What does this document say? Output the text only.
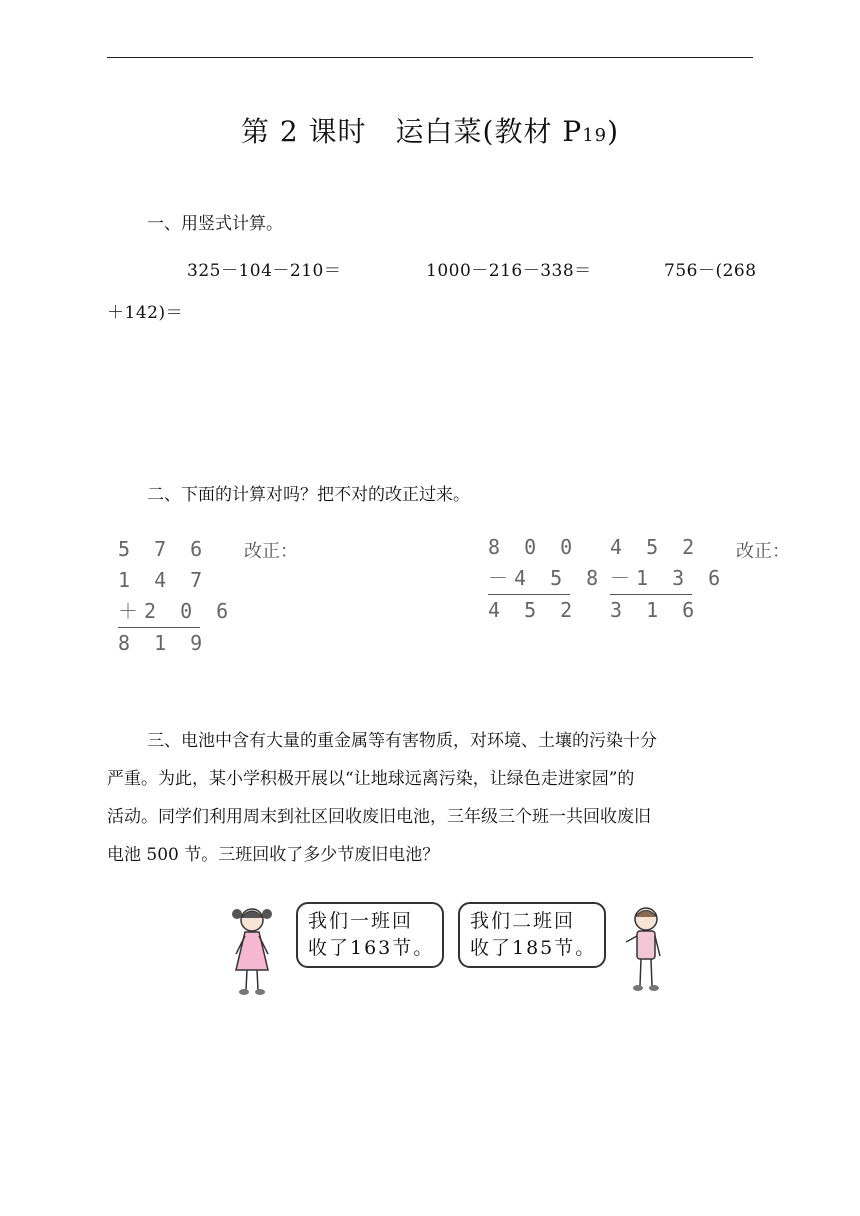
第 2 课时　运白菜(教材 P19)
一、用竖式计算。
325－104－210＝	1000－216－338＝	756－(268
＋142)＝
二、下面的计算对吗？把不对的改正过来。
5 7 6
1 4 7
＋2 0 6
8 1 9
改正：	8 0 0
－4 5 8
4 5 2
4 5 2
－1 3 6
3 1 6
改正：

三、电池中含有大量的重金属等有害物质，对环境、土壤的污染十分

严重。为此，某小学积极开展以“让地球远离污染，让绿色走进家园”的

活动。同学们利用周末到社区回收废旧电池，三年级三个班一共回收废旧

电池 500 节。三班回收了多少节废旧电池？

我们一班回
收了163节。
我们二班回
收了185节。
